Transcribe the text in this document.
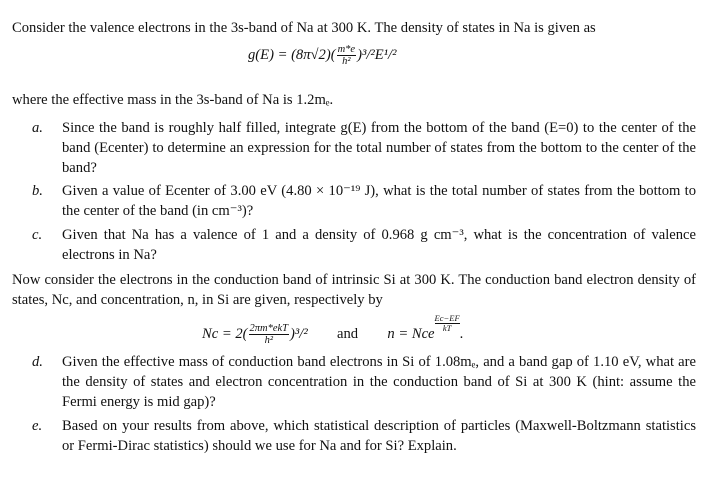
Consider the valence electrons in the 3s-band of Na at 300 K. The density of states in Na is given as
$g(E) = (8\pi√2)( \frac{m*e}{\text{h²}} )^3/^2E^1/^2$
where the effective mass in the 3s-band of Na is 1.2mₑ.
a. Since the band is roughly half filled, integrate g(E) from the bottom of the band (E=0) to the center of the band (Ecenter) to determine an expression for the total number of states from the bottom to the center of the band?
b. Given a value of Ecenter of 3.00 eV (4.80 × 10⁻¹⁹ J), what is the total number of states from the bottom to the center of the band (in cm⁻³)?
c. Given that Na has a valence of 1 and a density of 0.968 g cm⁻³, what is the concentration of valence electrons in Na?
Now consider the electrons in the conduction band of intrinsic Si at 300 K. The conduction band electron density of states, Nc, and concentration, n, in Si are given, respectively by
$Nc = 2( \frac{\text{2πm*ekT}}{\text{h²}} )^3/^2$ and n = Nce
$\frac{Ec-EF}{kT}$.
d. Given the effective mass of conduction band electrons in Si of 1.08mₑ, and a band gap of 1.10 eV, what are the density of states and electron concentration in the conduction band of Si at 300 K (hint: assume the Fermi energy is mid gap)?
e. Based on your results from above, which statistical description of particles (Maxwell-Boltzmann statistics or Fermi-Dirac statistics) should we use for Na and for Si? Explain.
